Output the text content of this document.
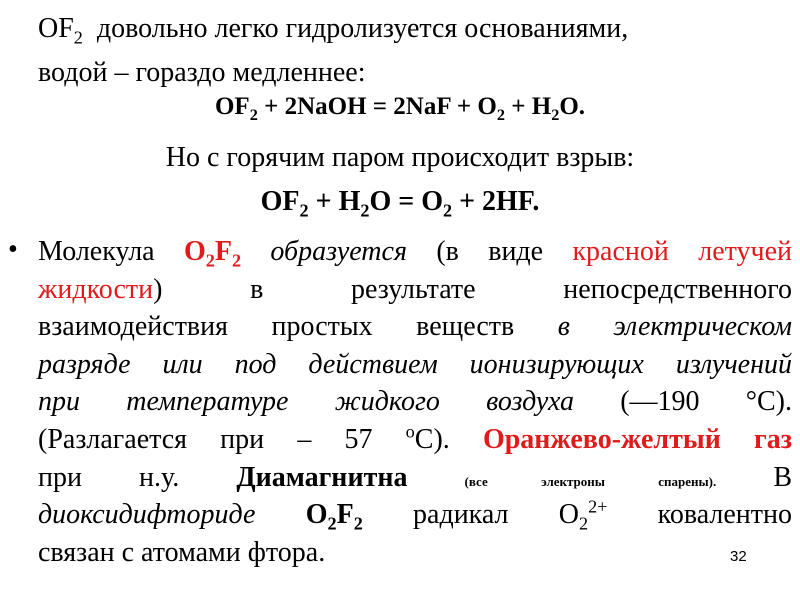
$OF_2$ довольно легко гидролизуется основаниями,
водой – гораздо медленнее:
$OF_2$ + 2NaOH = $2NaF + O_2 + H_2O$.
Но с горячим паром происходит взрыв:
$OF_2 + H_2O = O_2 + 2HF$.
• Молекула $O_2F_2$ образуется (в виде красной летучей
жидкости) в результате непосредственного
взаимодействия простых веществ в электрическом
разряде или под действием ионизирующих излучений
при температуре жидкого воздуха (—190 °C).
(Разлагается при – 57 $^о$С). Оранжево-желтый газ
при н.у. Диамагнитна	(все электроны спарены). В
диоксидифториде $O_2F_2$ радикал $O_2^{2+}$ ковалентно
связан с атомами фтора.	32
